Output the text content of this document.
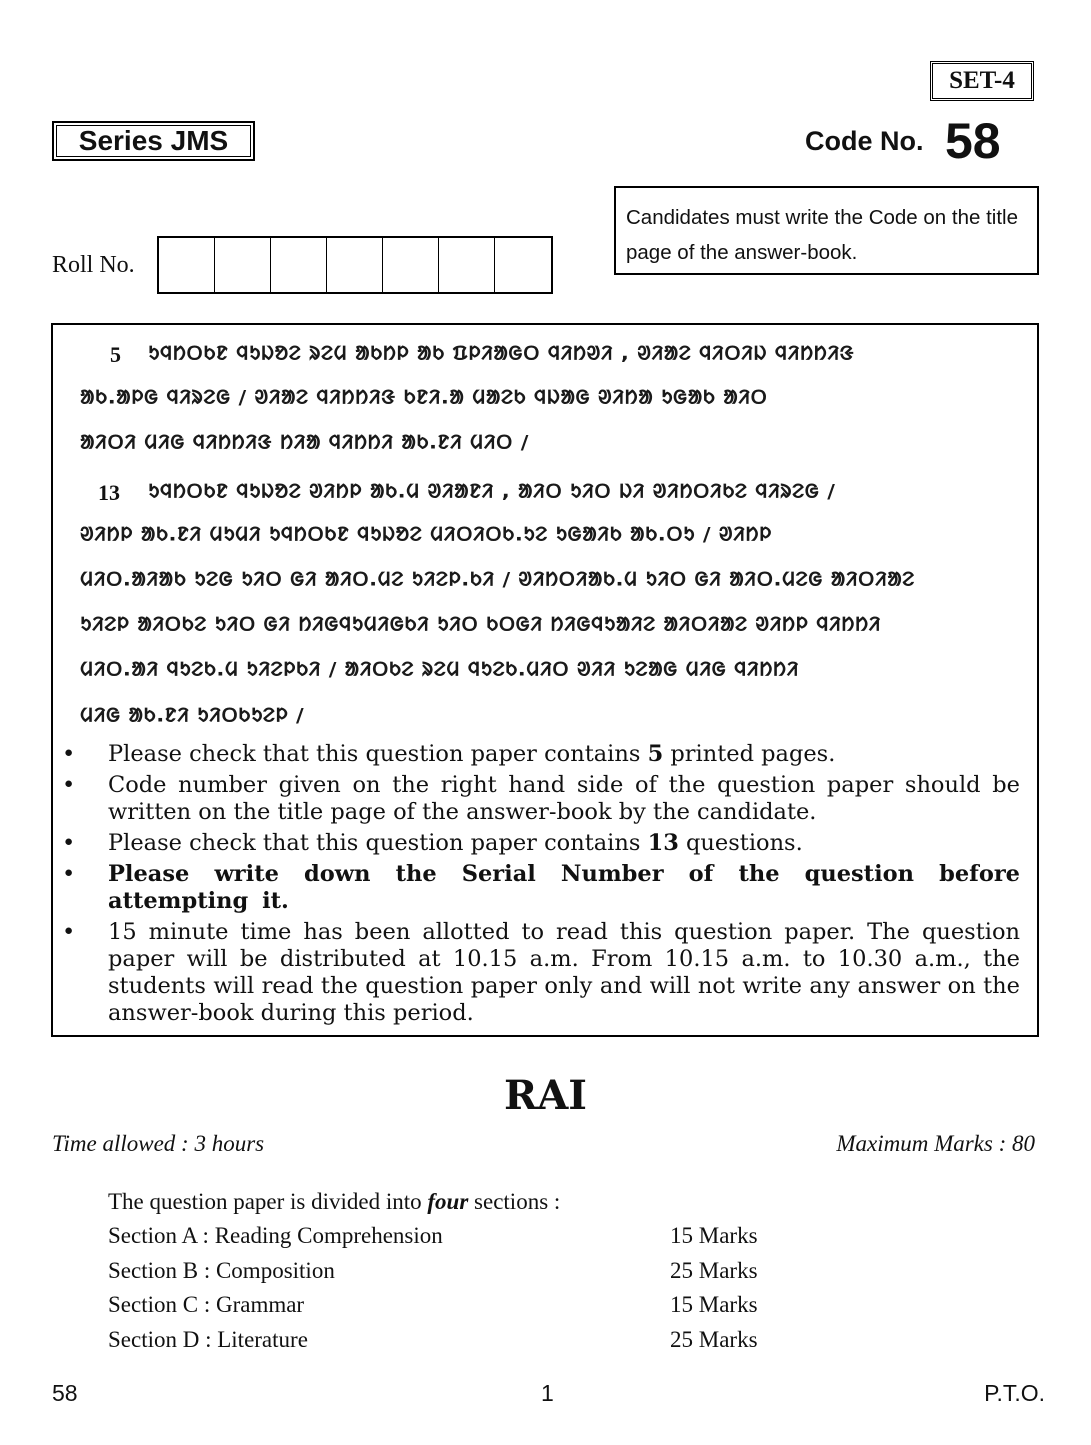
SET-4
Series JMS	Code No. 58
Candidates must write the Code on the title page of the answer-book.
Roll No.
5 ᱩᱧᱴᱛᱠᱱ ᱧᱩᱡᱚᱮ ᱨᱮᱢ ᱟᱠᱴᱞ ᱟᱠ ᱯᱞᱤᱟᱜᱛ ᱧᱤᱴᱣᱤ , ᱣᱤᱟᱮ ᱧᱤᱛᱤᱡ ᱧᱤᱴᱴᱤᱝ
ᱟᱠ.ᱟᱞᱜ ᱧᱤᱨᱮᱜ / ᱣᱤᱟᱮ ᱧᱤᱴᱴᱤᱝ ᱠᱱᱤ.ᱟ ᱢᱟᱮᱠ ᱧᱡᱟᱜ ᱣᱤᱴᱟ ᱩᱜᱟᱠ ᱟᱤᱛ
ᱟᱤᱛᱤ ᱢᱤᱜ ᱧᱤᱴᱴᱤᱝ ᱴᱤᱟ ᱧᱤᱴᱴᱤ ᱟᱠ.ᱱᱤ ᱢᱤᱛ /
13 ᱩᱧᱴᱛᱠᱱ ᱧᱩᱡᱚᱮ ᱣᱤᱴᱞ ᱟᱠ.ᱢ ᱣᱤᱟᱱᱤ , ᱟᱤᱛ ᱩᱤᱛ ᱡᱤ ᱣᱤᱴᱛᱤᱠᱮ ᱧᱤᱨᱮᱜ /
ᱣᱤᱴᱞ ᱟᱠ.ᱱᱤ ᱢᱩᱢᱤ ᱩᱧᱴᱛᱠᱱ ᱧᱩᱡᱚᱮ ᱢᱤᱛᱤᱛᱠ.ᱩᱮ ᱩᱜᱟᱤᱠ ᱟᱠ.ᱛᱩ / ᱣᱤᱴᱞ
ᱢᱤᱛ.ᱟᱤᱟᱠ ᱩᱮᱜ ᱩᱤᱛ ᱜᱤ ᱟᱤᱛ.ᱢᱮ ᱩᱤᱮᱞ.ᱠᱤ / ᱣᱤᱴᱛᱤᱟᱠ.ᱢ ᱩᱤᱛ ᱜᱤ ᱟᱤᱛ.ᱢᱮᱜ ᱟᱤᱛᱤᱟᱮ
ᱩᱤᱮᱞ ᱟᱤᱛᱠᱮ ᱩᱤᱛ ᱜᱤ ᱴᱤᱜᱧᱩᱢᱤᱜᱠᱤ ᱩᱤᱛ ᱠᱛᱜᱤ ᱴᱤᱜᱧᱩᱟᱤᱮ ᱟᱤᱛᱤᱟᱮ ᱣᱤᱴᱞ ᱧᱤᱴᱴᱤ
ᱢᱤᱛ.ᱟᱤ ᱧᱩᱮᱠ.ᱢ ᱩᱤᱮᱞᱠᱤ / ᱟᱤᱛᱠᱮ ᱨᱮᱢ ᱧᱩᱮᱠ.ᱢᱤᱛ ᱣᱤᱤ ᱩᱮᱟᱜ ᱢᱤᱜ ᱧᱤᱴᱴᱤ
ᱢᱤᱜ ᱟᱠ.ᱱᱤ ᱩᱤᱛᱠᱩᱮᱞ /
•	Please check that this question paper contains 5 printed pages.
•	Code number given on the right hand side of the question paper should be written on the title page of the answer-book by the candidate.
•	Please check that this question paper contains 13 questions.
•	Please write down the Serial Number of the question before attempting it.
•	15 minute time has been allotted to read this question paper. The question paper will be distributed at 10.15 a.m. From 10.15 a.m. to 10.30 a.m., the students will read the question paper only and will not write any answer on the answer-book during this period.
RAI
Time allowed : 3 hours	Maximum Marks : 80
The question paper is divided into four sections :
Section A : Reading Comprehension	15 Marks
Section B : Composition	25 Marks
Section C : Grammar	15 Marks
Section D : Literature	25 Marks
58	1	P.T.O.
